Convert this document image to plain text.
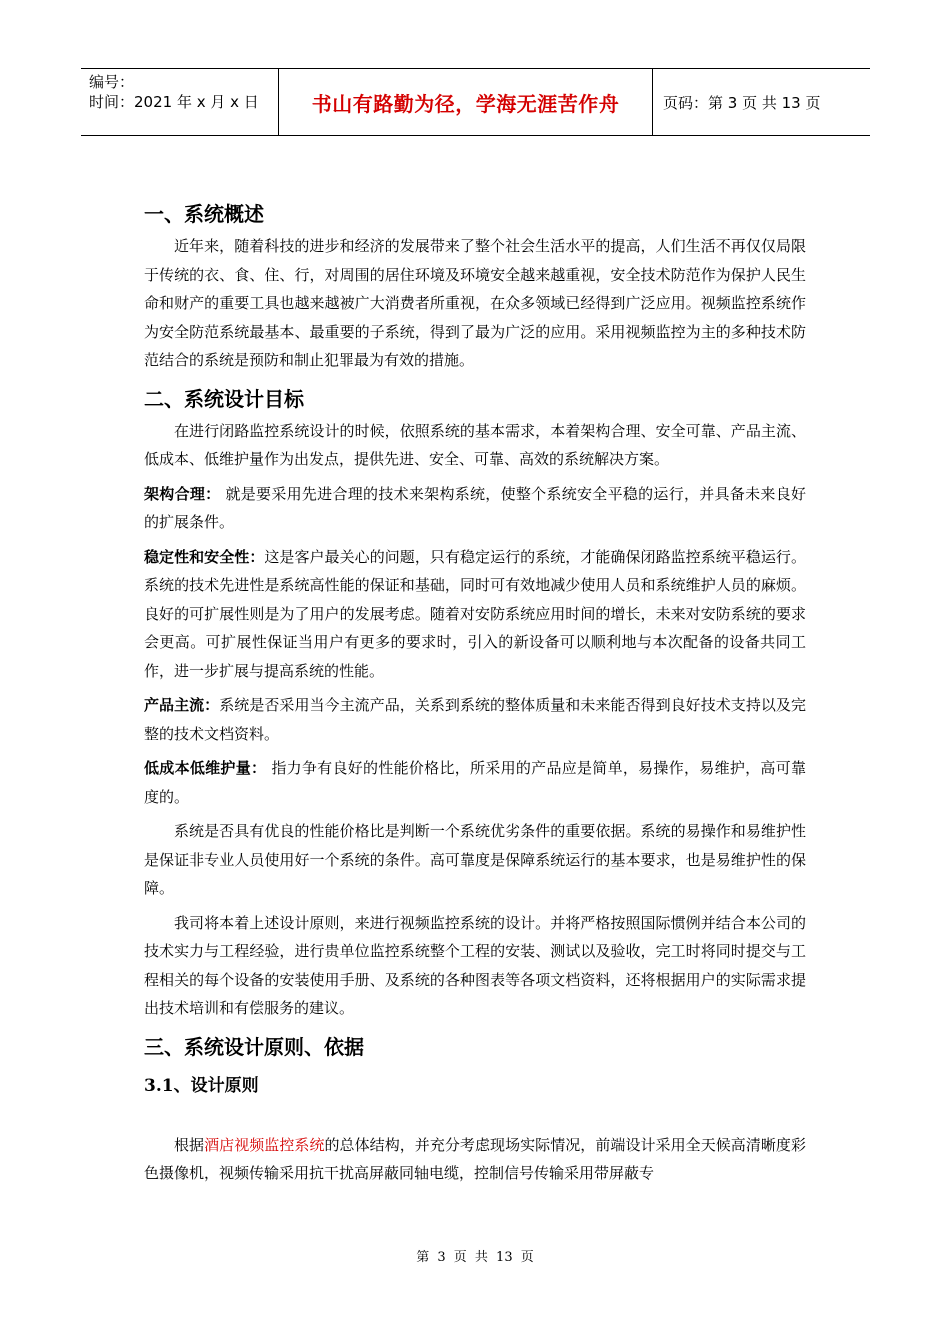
编号：
时间：2021 年 x 月 x 日	书山有路勤为径，学海无涯苦作舟	页码：第 3 页 共 13 页
一、系统概述

近年来，随着科技的进步和经济的发展带来了整个社会生活水平的提高，人们生活不再仅仅局限于传统的衣、食、住、行，对周围的居住环境及环境安全越来越重视，安全技术防范作为保护人民生命和财产的重要工具也越来越被广大消费者所重视，在众多领域已经得到广泛应用。视频监控系统作为安全防范系统最基本、最重要的子系统，得到了最为广泛的应用。采用视频监控为主的多种技术防范结合的系统是预防和制止犯罪最为有效的措施。

二、系统设计目标

在进行闭路监控系统设计的时候，依照系统的基本需求，本着架构合理、安全可靠、产品主流、低成本、低维护量作为出发点，提供先进、安全、可靠、高效的系统解决方案。

架构合理： 就是要采用先进合理的技术来架构系统，使整个系统安全平稳的运行，并具备未来良好的扩展条件。

稳定性和安全性：这是客户最关心的问题，只有稳定运行的系统，才能确保闭路监控系统平稳运行。系统的技术先进性是系统高性能的保证和基础，同时可有效地减少使用人员和系统维护人员的麻烦。良好的可扩展性则是为了用户的发展考虑。随着对安防系统应用时间的增长，未来对安防系统的要求会更高。可扩展性保证当用户有更多的要求时，引入的新设备可以顺利地与本次配备的设备共同工作，进一步扩展与提高系统的性能。

产品主流：系统是否采用当今主流产品，关系到系统的整体质量和未来能否得到良好技术支持以及完整的技术文档资料。

低成本低维护量： 指力争有良好的性能价格比，所采用的产品应是简单，易操作，易维护，高可靠度的。

系统是否具有优良的性能价格比是判断一个系统优劣条件的重要依据。系统的易操作和易维护性是保证非专业人员使用好一个系统的条件。高可靠度是保障系统运行的基本要求，也是易维护性的保障。

我司将本着上述设计原则，来进行视频监控系统的设计。并将严格按照国际惯例并结合本公司的技术实力与工程经验，进行贵单位监控系统整个工程的安装、测试以及验收，完工时将同时提交与工程相关的每个设备的安装使用手册、及系统的各种图表等各项文档资料，还将根据用户的实际需求提出技术培训和有偿服务的建议。

三、系统设计原则、依据
3.1、设计原则

根据酒店视频监控系统的总体结构，并充分考虑现场实际情况，前端设计采用全天候高清晰度彩色摄像机，视频传输采用抗干扰高屏蔽同轴电缆，控制信号传输采用带屏蔽专

第 3 页 共 13 页
